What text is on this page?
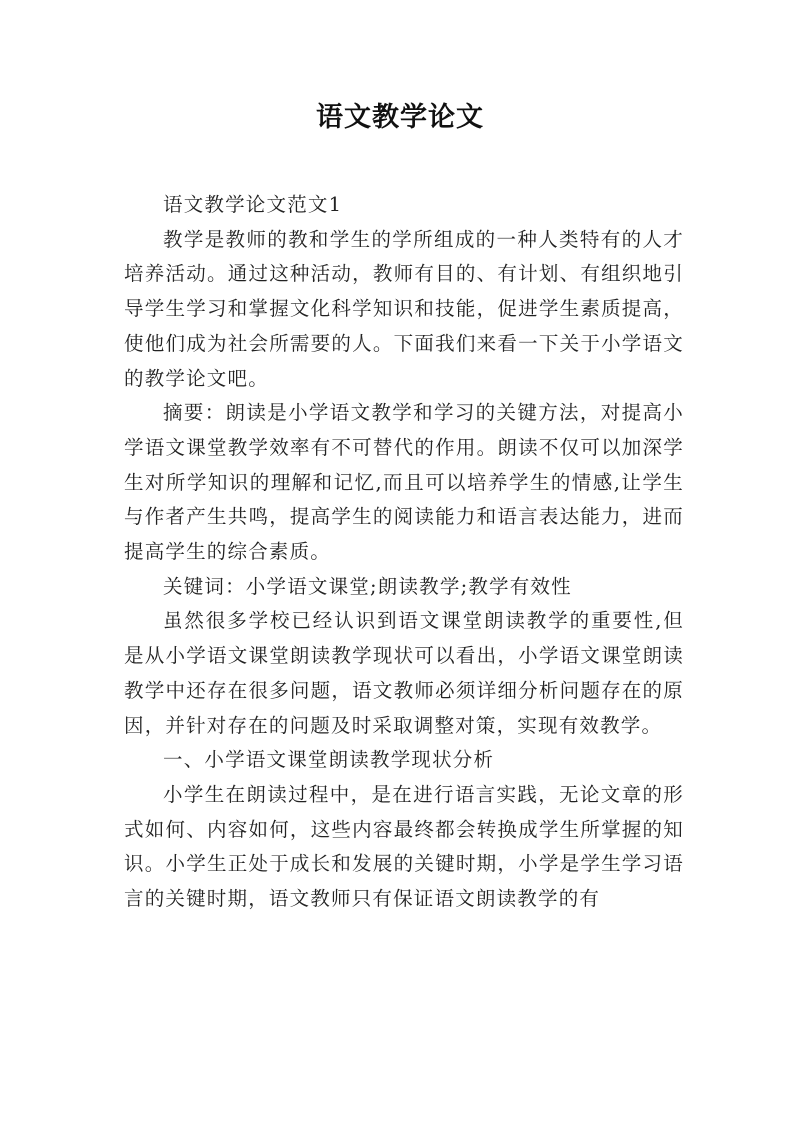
语文教学论文

语文教学论文范文1

教学是教师的教和学生的学所组成的一种人类特有的人才培养活动。通过这种活动，教师有目的、有计划、有组织地引导学生学习和掌握文化科学知识和技能，促进学生素质提高，使他们成为社会所需要的人。下面我们来看一下关于小学语文的教学论文吧。

摘要：朗读是小学语文教学和学习的关键方法，对提高小学语文课堂教学效率有不可替代的作用。朗读不仅可以加深学生对所学知识的理解和记忆,而且可以培养学生的情感,让学生与作者产生共鸣，提高学生的阅读能力和语言表达能力，进而提高学生的综合素质。

关键词：小学语文课堂;朗读教学;教学有效性

虽然很多学校已经认识到语文课堂朗读教学的重要性,但是从小学语文课堂朗读教学现状可以看出，小学语文课堂朗读教学中还存在很多问题，语文教师必须详细分析问题存在的原因，并针对存在的问题及时采取调整对策，实现有效教学。

一、小学语文课堂朗读教学现状分析

小学生在朗读过程中，是在进行语言实践，无论文章的形式如何、内容如何，这些内容最终都会转换成学生所掌握的知识。小学生正处于成长和发展的关键时期，小学是学生学习语言的关键时期，语文教师只有保证语文朗读教学的有
